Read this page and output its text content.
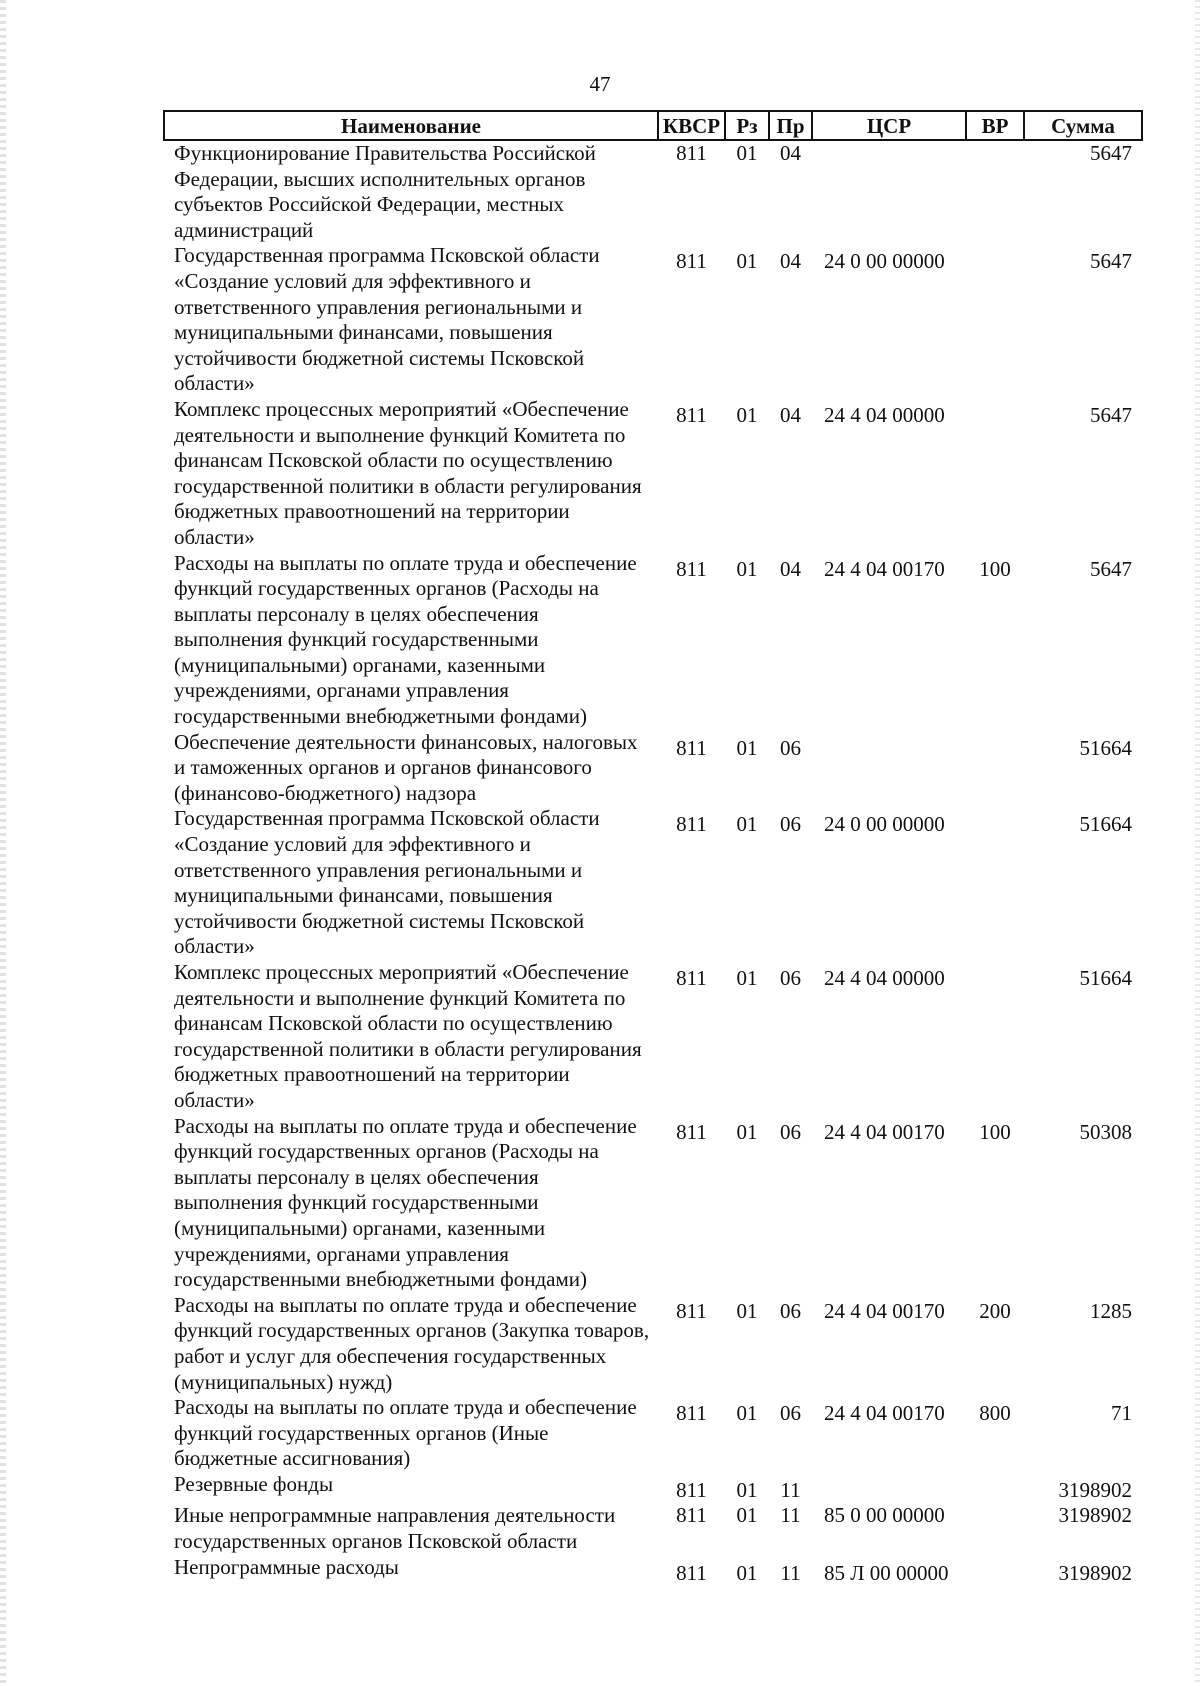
47
Наименование	КВСР	Рз	Пр	ЦСР	ВР	Сумма
Функционирование Правительства Российской Федерации, высших исполнительных органов субъектов Российской Федерации, местных администраций	811	01	04			5647
Государственная программа Псковской области «Создание условий для эффективного и ответственного управления региональными и муниципальными финансами, повышения устойчивости бюджетной системы Псковской области»	811	01	04	24 0 00 00000		5647
Комплекс процессных мероприятий «Обеспечение деятельности и выполнение функций Комитета по финансам Псковской области по осуществлению государственной политики в области регулирования бюджетных правоотношений на территории области»	811	01	04	24 4 04 00000		5647
Расходы на выплаты по оплате труда и обеспечение функций государственных органов (Расходы на выплаты персоналу в целях обеспечения выполнения функций государственными (муниципальными) органами, казенными учреждениями, органами управления государственными внебюджетными фондами)	811	01	04	24 4 04 00170	100	5647
Обеспечение деятельности финансовых, налоговых и таможенных органов и органов финансового (финансово-бюджетного) надзора	811	01	06			51664
Государственная программа Псковской области «Создание условий для эффективного и ответственного управления региональными и муниципальными финансами, повышения устойчивости бюджетной системы Псковской области»	811	01	06	24 0 00 00000		51664
Комплекс процессных мероприятий «Обеспечение деятельности и выполнение функций Комитета по финансам Псковской области по осуществлению государственной политики в области регулирования бюджетных правоотношений на территории области»	811	01	06	24 4 04 00000		51664
Расходы на выплаты по оплате труда и обеспечение функций государственных органов (Расходы на выплаты персоналу в целях обеспечения выполнения функций государственными (муниципальными) органами, казенными учреждениями, органами управления государственными внебюджетными фондами)	811	01	06	24 4 04 00170	100	50308
Расходы на выплаты по оплате труда и обеспечение функций государственных органов (Закупка товаров, работ и услуг для обеспечения государственных (муниципальных) нужд)	811	01	06	24 4 04 00170	200	1285
Расходы на выплаты по оплате труда и обеспечение функций государственных органов (Иные бюджетные ассигнования)	811	01	06	24 4 04 00170	800	71
Резервные фонды	811	01	11			3198902
Иные непрограммные направления деятельности государственных органов Псковской области	811	01	11	85 0 00 00000		3198902
Непрограммные расходы	811	01	11	85 Л 00 00000		3198902
